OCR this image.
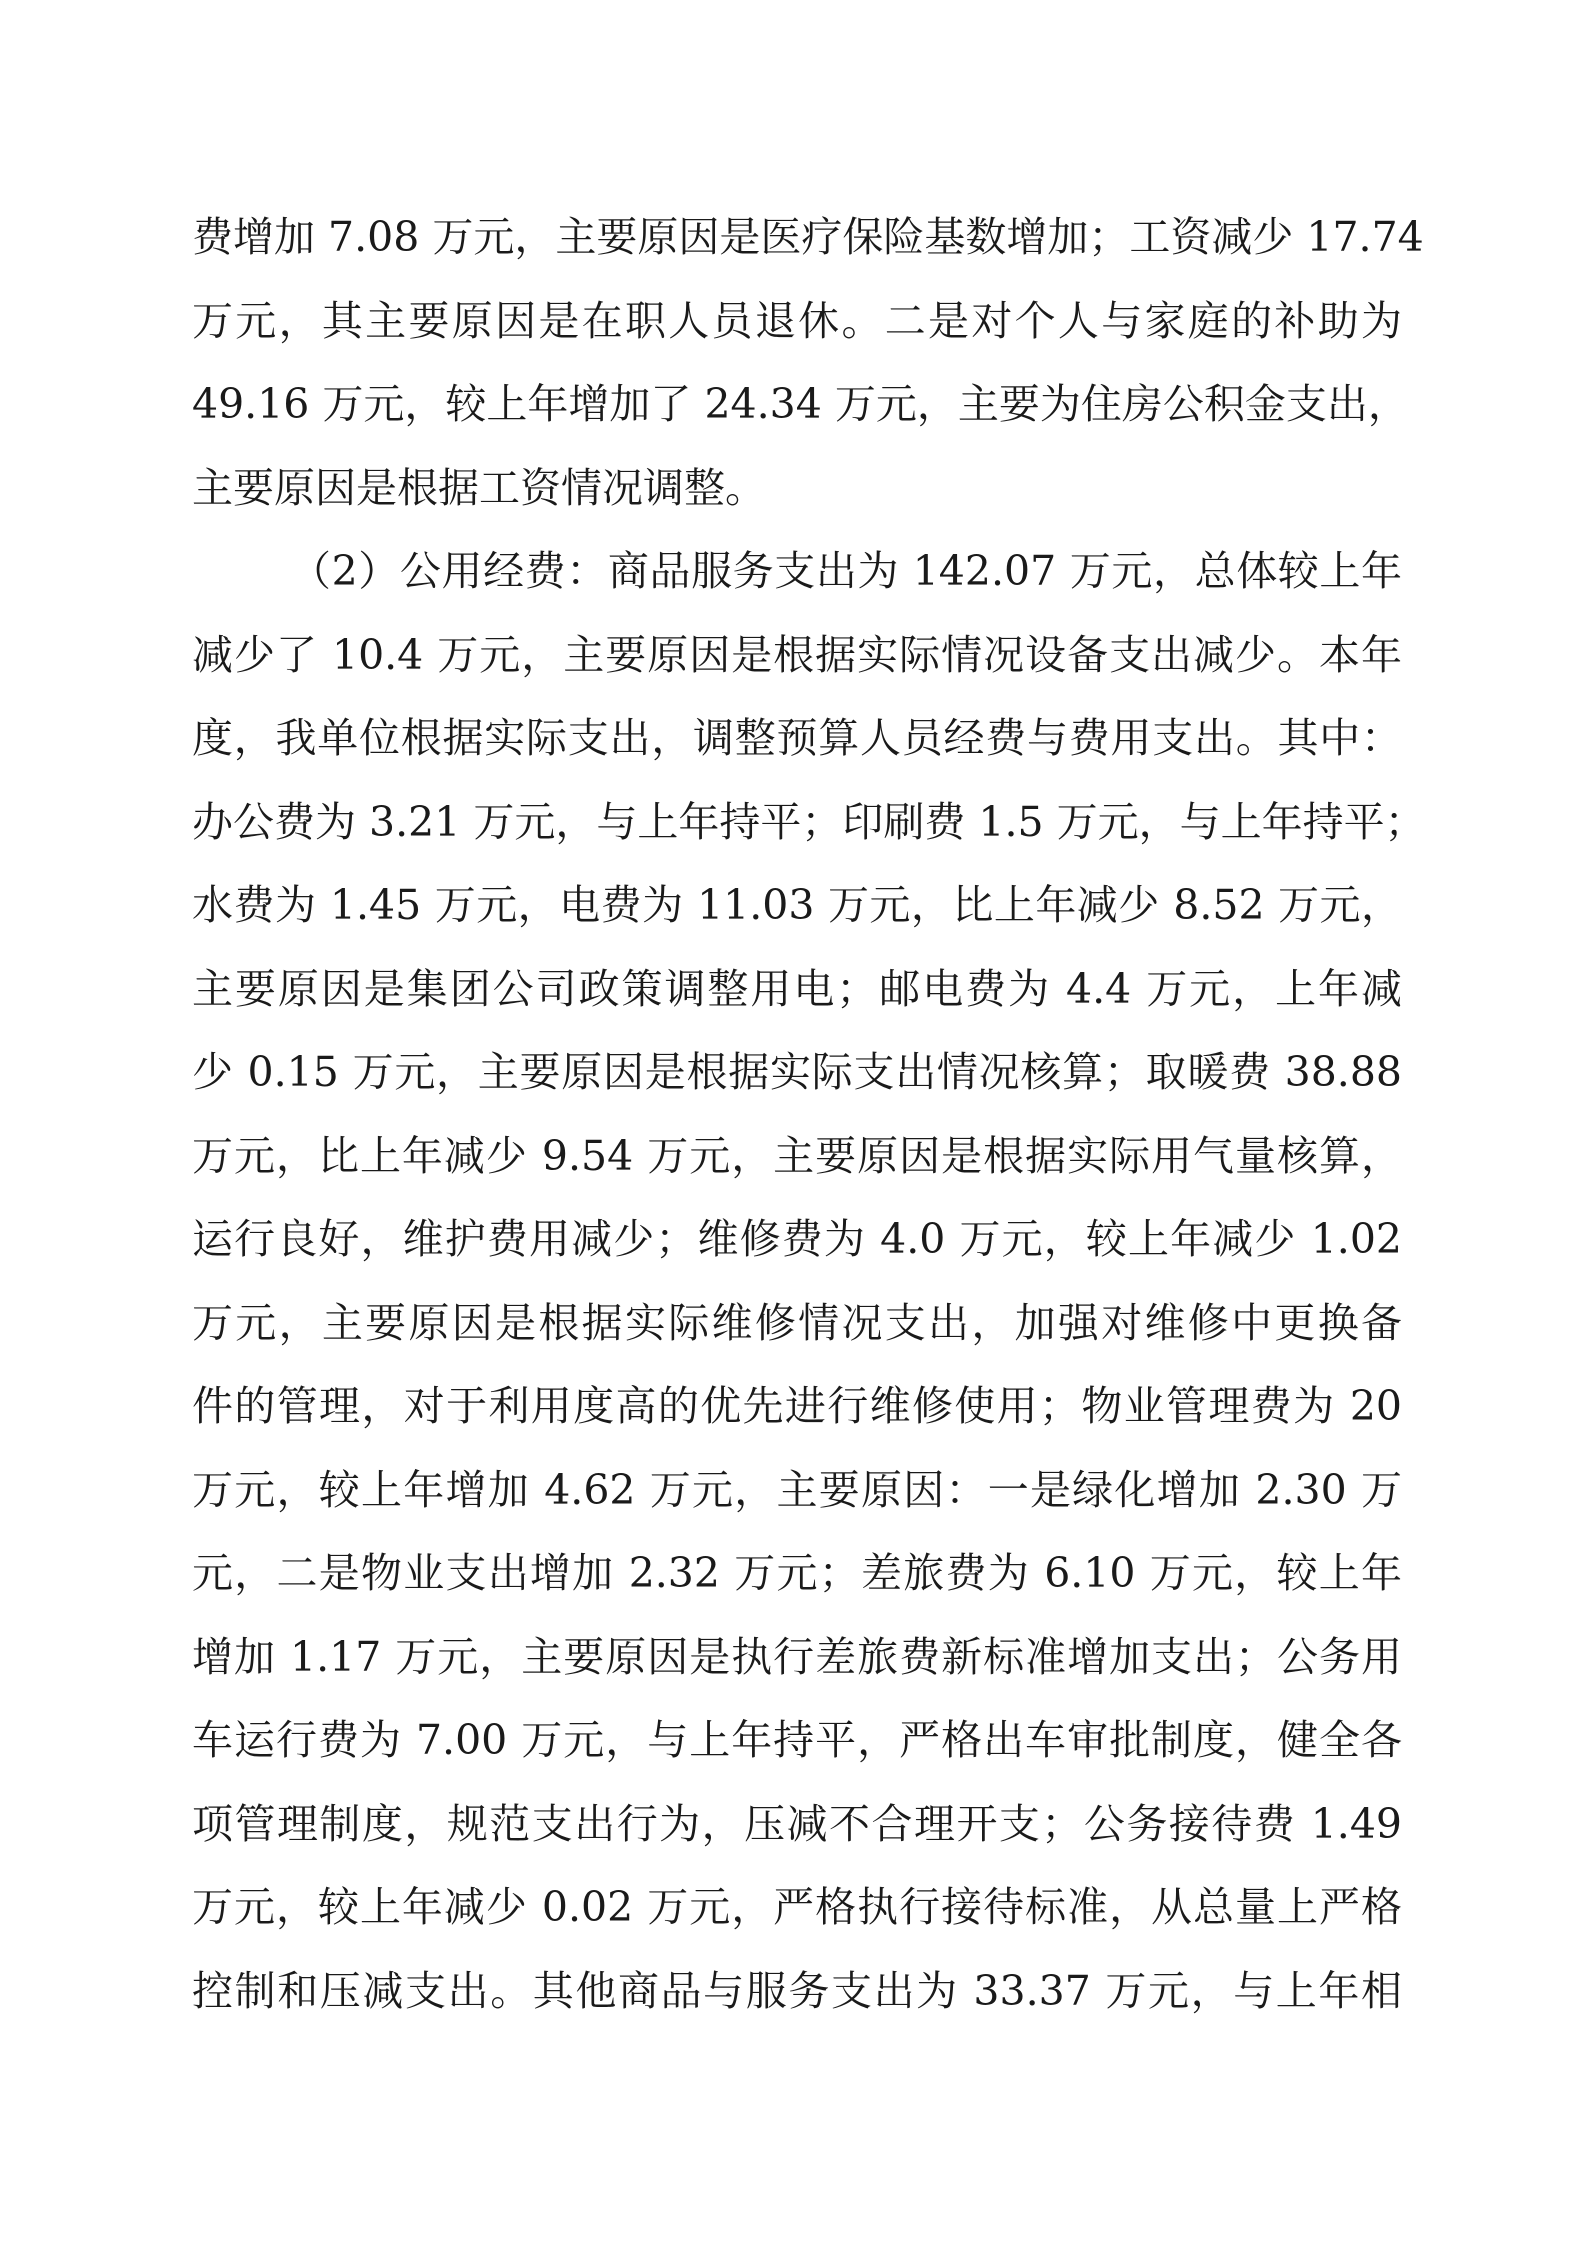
费增加 7.08 万元，主要原因是医疗保险基数增加；工资减少 17.74
万元，其主要原因是在职人员退休。二是对个人与家庭的补助为
49.16 万元，较上年增加了 24.34 万元，主要为住房公积金支出，
主要原因是根据工资情况调整。
（2）公用经费：商品服务支出为 142.07 万元，总体较上年
减少了 10.4 万元，主要原因是根据实际情况设备支出减少。本年
度，我单位根据实际支出，调整预算人员经费与费用支出。其中：
办公费为 3.21 万元，与上年持平；印刷费 1.5 万元，与上年持平；
水费为 1.45 万元，电费为 11.03 万元，比上年减少 8.52 万元，
主要原因是集团公司政策调整用电；邮电费为 4.4 万元，上年减
少 0.15 万元，主要原因是根据实际支出情况核算；取暖费 38.88
万元，比上年减少 9.54 万元，主要原因是根据实际用气量核算，
运行良好，维护费用减少；维修费为 4.0 万元，较上年减少 1.02
万元，主要原因是根据实际维修情况支出，加强对维修中更换备
件的管理，对于利用度高的优先进行维修使用；物业管理费为 20
万元，较上年增加 4.62 万元，主要原因：一是绿化增加 2.30 万
元，二是物业支出增加 2.32 万元；差旅费为 6.10 万元，较上年
增加 1.17 万元，主要原因是执行差旅费新标准增加支出；公务用
车运行费为 7.00 万元，与上年持平，严格出车审批制度，健全各
项管理制度，规范支出行为，压减不合理开支；公务接待费 1.49
万元，较上年减少 0.02 万元，严格执行接待标准，从总量上严格
控制和压减支出。其他商品与服务支出为 33.37 万元，与上年相
